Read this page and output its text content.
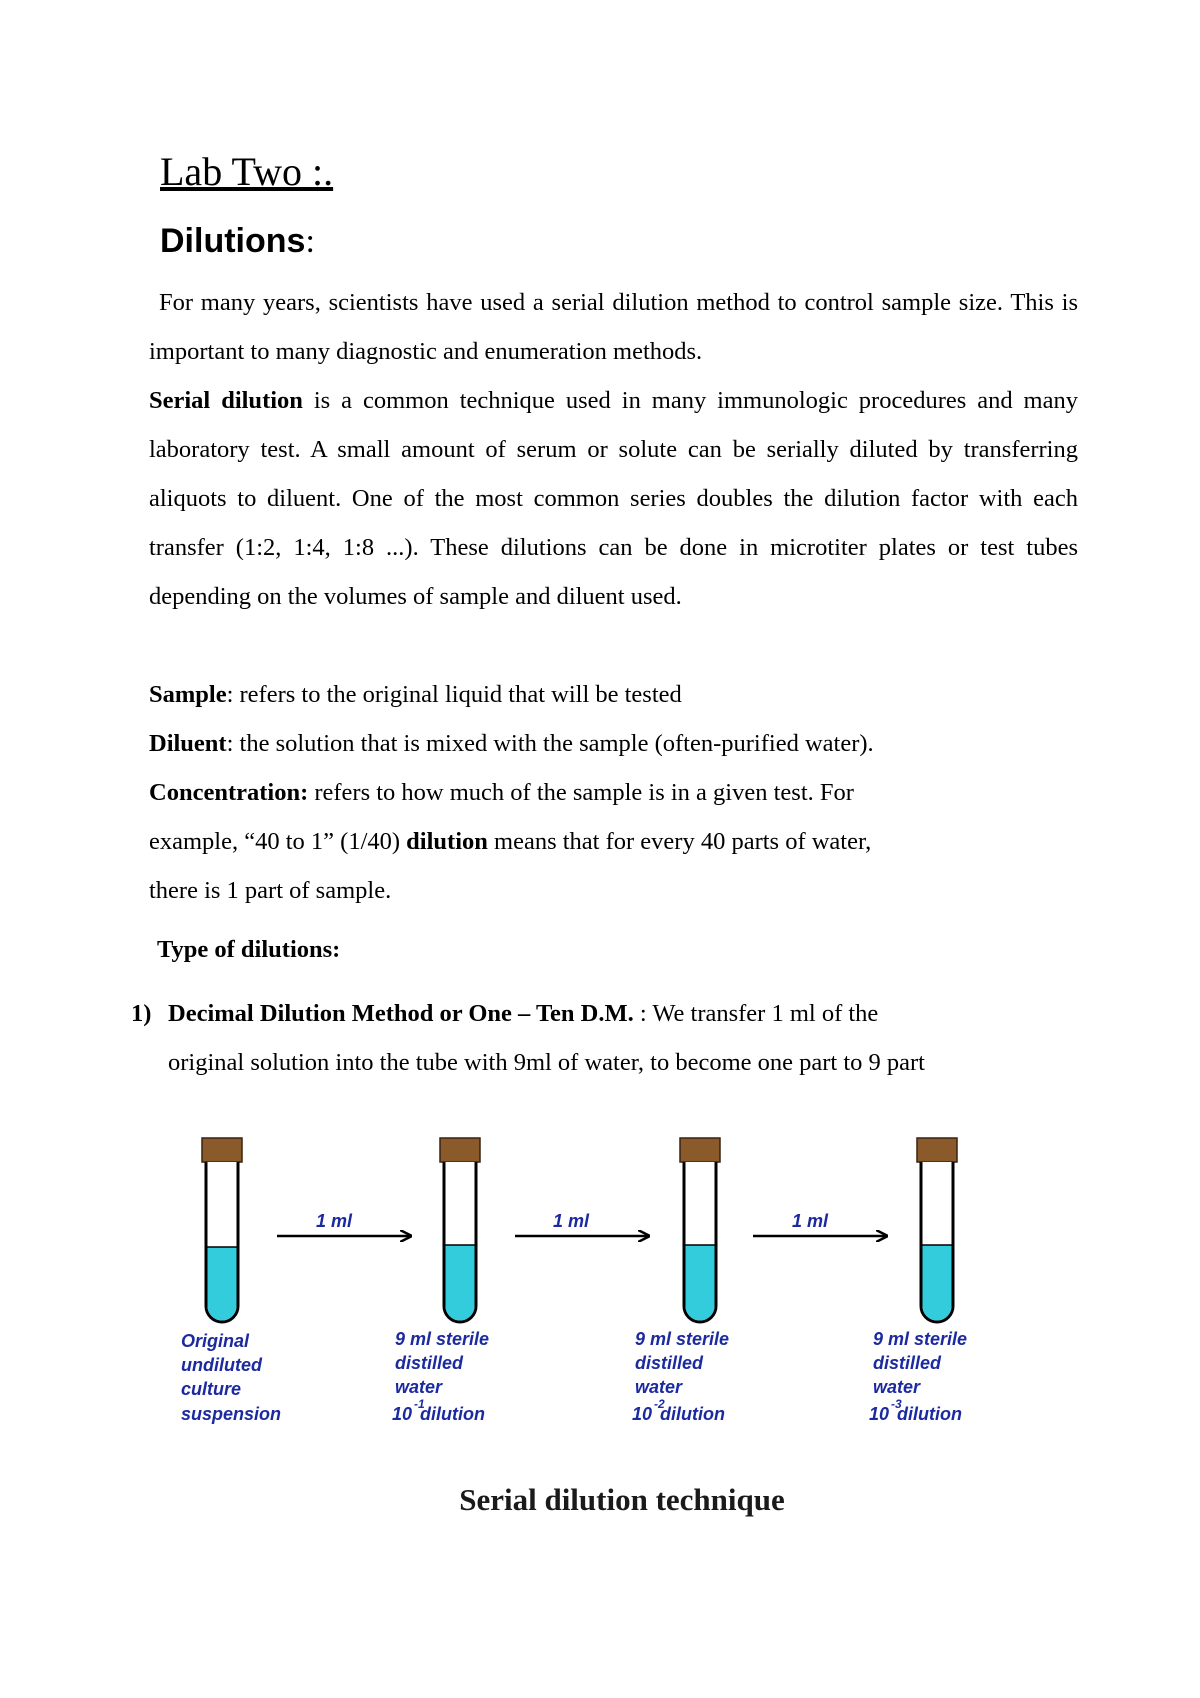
Lab Two :.
Dilutions:

For many years, scientists have used a serial dilution method to control sample size. This is important to many diagnostic and enumeration methods.

Serial dilution is a common technique used in many immunologic procedures and many laboratory test. A small amount of serum or solute can be serially diluted by transferring aliquots to diluent. One of the most common series doubles the dilution factor with each transfer (1:2, 1:4, 1:8 ...). These dilutions can be done in microtiter plates or test tubes depending on the volumes of sample and diluent used.

Sample: refers to the original liquid that will be tested
Diluent: the solution that is mixed with the sample (often-purified water).
Concentration: refers to how much of the sample is in a given test. For
example, “40 to 1” (1/40) dilution means that for every 40 parts of water,
there is 1 part of sample.
Type of dilutions:
1) Decimal Dilution Method or One – Ten D.M. : We transfer 1 ml of the
original solution into the tube with 9ml of water, to become one part to 9 part
1 ml	1 ml	1 ml
Original
undiluted
culture
suspension
9 ml sterile
distilled
water
10 -1
dilution
9 ml sterile
distilled
water
10 -2
dilution
9 ml sterile
distilled
water
10 -3
dilution
Serial dilution technique
